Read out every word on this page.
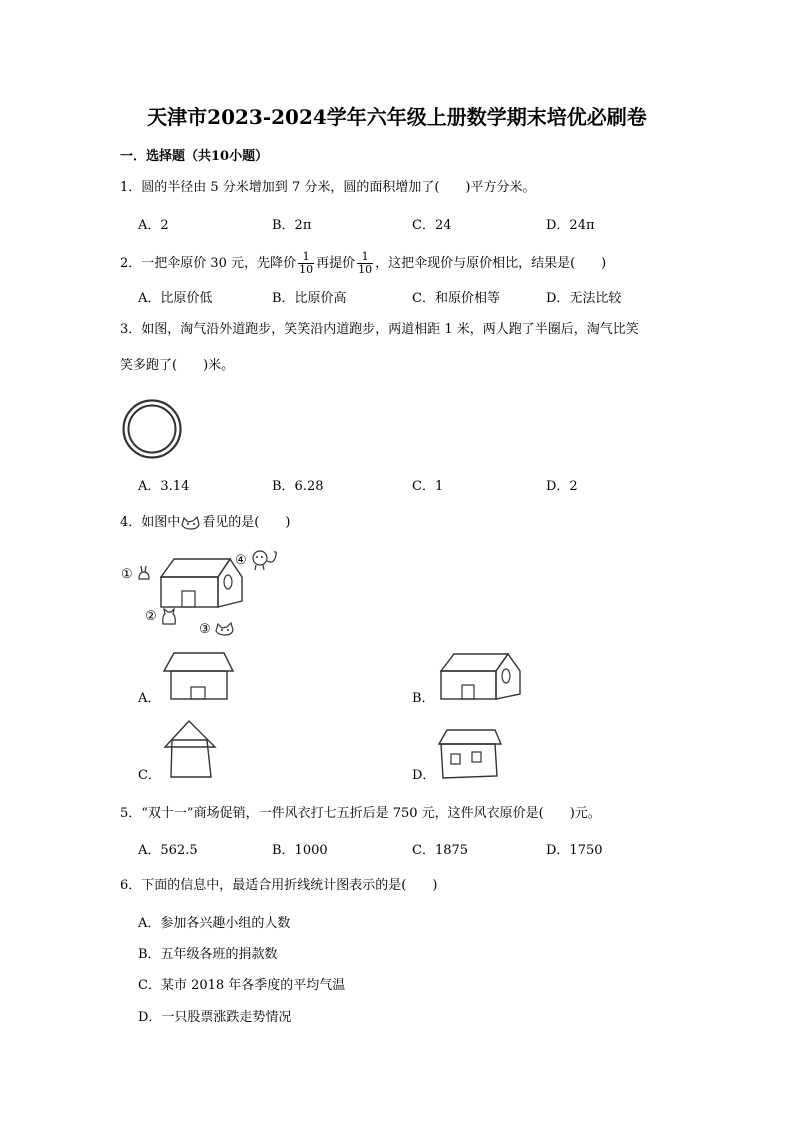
天津市2023-2024学年六年级上册数学期末培优必刷卷
一．选择题（共10小题）
1．圆的半径由 5 分米增加到 7 分米，圆的面积增加了(　　)平方分米。
A．2	B．2π	C．24	D．24π
2．一把伞原价 30 元，先降价 $\frac{1}{10}$ 再提价 $\frac{1}{10}$ ，这把伞现价与原价相比，结果是(　　)
A．比原价低	B．比原价高	C．和原价相等	D．无法比较
3．如图，淘气沿外道跑步，笑笑沿内道跑步，两道相距 1 米，两人跑了半圈后，淘气比笑
笑多跑了(　　)米。
A．3.14	B．6.28	C．1	D．2
4．如图中 看见的是(　　)
①
④
②
③
A．	B．
C．	D．
5．“双十一”商场促销，一件风衣打七五折后是 750 元，这件风衣原价是(　　)元。
A．562.5	B．1000	C．1875	D．1750
6．下面的信息中，最适合用折线统计图表示的是(　　)
A．参加各兴趣小组的人数
B．五年级各班的捐款数
C．某市 2018 年各季度的平均气温
D．一只股票涨跌走势情况
